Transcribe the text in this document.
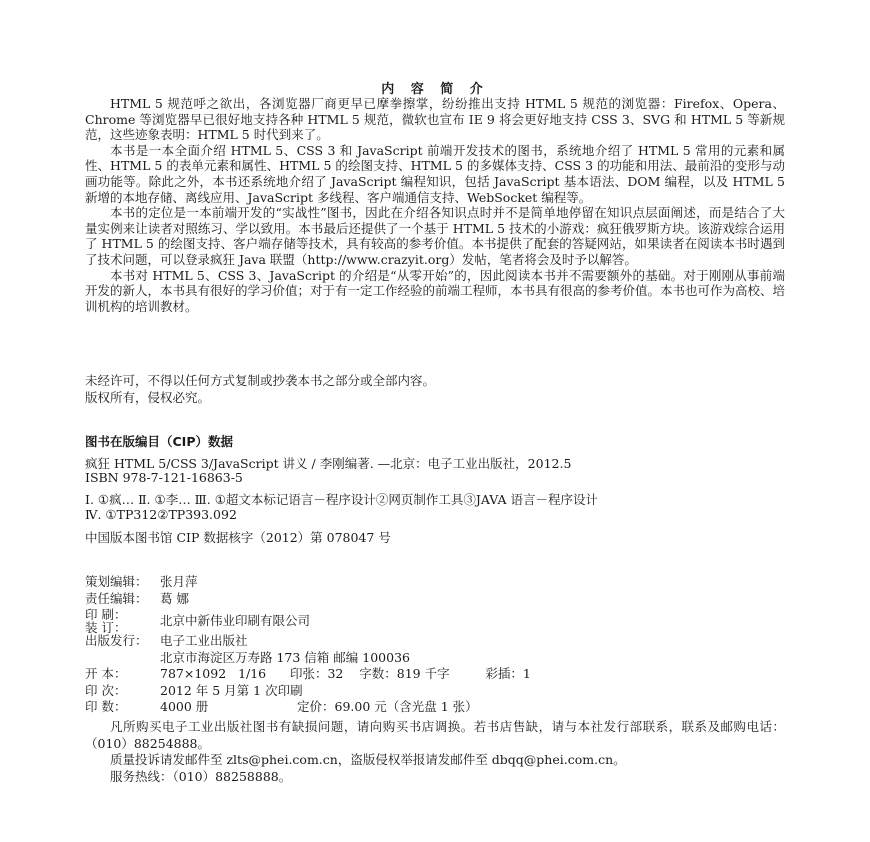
内 容 简 介

HTML 5 规范呼之欲出，各浏览器厂商更早已摩拳擦掌，纷纷推出支持 HTML 5 规范的浏览器：Firefox、Opera、Chrome 等浏览器早已很好地支持各种 HTML 5 规范，微软也宣布 IE 9 将会更好地支持 CSS 3、SVG 和 HTML 5 等新规范，这些迹象表明：HTML 5 时代到来了。

本书是一本全面介绍 HTML 5、CSS 3 和 JavaScript 前端开发技术的图书，系统地介绍了 HTML 5 常用的元素和属性、HTML 5 的表单元素和属性、HTML 5 的绘图支持、HTML 5 的多媒体支持、CSS 3 的功能和用法、最前沿的变形与动画功能等。除此之外，本书还系统地介绍了 JavaScript 编程知识，包括 JavaScript 基本语法、DOM 编程，以及 HTML 5 新增的本地存储、离线应用、JavaScript 多线程、客户端通信支持、WebSocket 编程等。

本书的定位是一本前端开发的“实战性”图书，因此在介绍各知识点时并不是简单地停留在知识点层面阐述，而是结合了大量实例来让读者对照练习、学以致用。本书最后还提供了一个基于 HTML 5 技术的小游戏：疯狂俄罗斯方块。该游戏综合运用了 HTML 5 的绘图支持、客户端存储等技术，具有较高的参考价值。本书提供了配套的答疑网站，如果读者在阅读本书时遇到了技术问题，可以登录疯狂 Java 联盟（http://www.crazyit.org）发帖，笔者将会及时予以解答。

本书对 HTML 5、CSS 3、JavaScript 的介绍是“从零开始”的，因此阅读本书并不需要额外的基础。对于刚刚从事前端开发的新人，本书具有很好的学习价值；对于有一定工作经验的前端工程师，本书具有很高的参考价值。本书也可作为高校、培训机构的培训教材。

未经许可，不得以任何方式复制或抄袭本书之部分或全部内容。

版权所有，侵权必究。

图书在版编目（CIP）数据

疯狂 HTML 5/CSS 3/JavaScript 讲义 / 李刚编著. —北京：电子工业出版社，2012.5

ISBN 978-7-121-16863-5

Ⅰ. ①疯… Ⅱ. ①李… Ⅲ. ①超文本标记语言－程序设计②网页制作工具③JAVA 语言－程序设计

Ⅳ. ①TP312②TP393.092

中国版本图书馆 CIP 数据核字（2012）第 078047 号

策划编辑： 张月萍
责任编辑： 葛 娜
印 刷：
装 订：	北京中新伟业印刷有限公司
出版发行： 电子工业出版社
北京市海淀区万寿路 173 信箱 邮编 100036
开 本：	787×1092   1/16      印张：32    字数：819 千字         彩插：1
印 次：	2012 年 5 月第 1 次印刷
印 数：	4000 册	定价：69.00 元（含光盘 1 张）

凡所购买电子工业出版社图书有缺损问题，请向购买书店调换。若书店售缺，请与本社发行部联系，联系及邮购电话：（010）88254888。

质量投诉请发邮件至 zlts@phei.com.cn，盗版侵权举报请发邮件至 dbqq@phei.com.cn。

服务热线：（010）88258888。
